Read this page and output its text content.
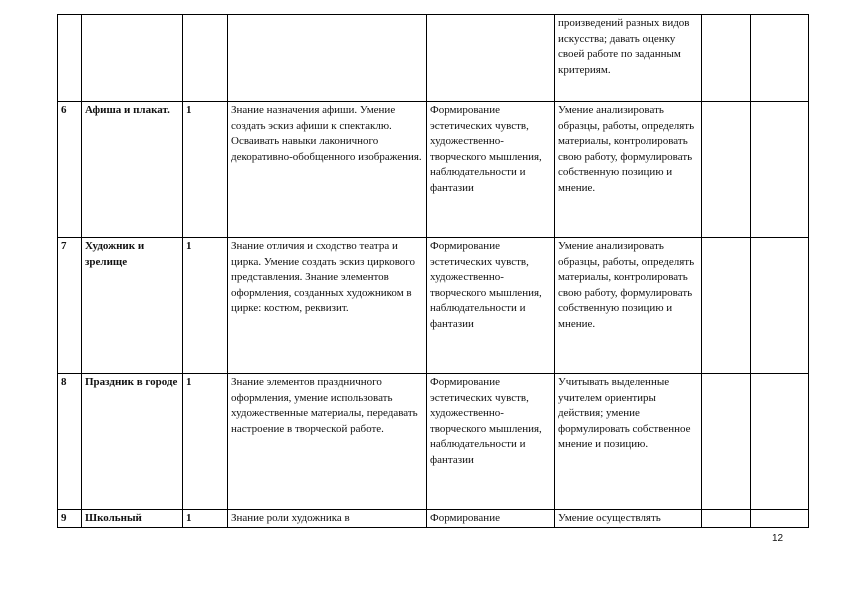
					произведений разных видов искусства; давать оценку своей работе по заданным критериям.		
6	Афиша и плакат.	1	Знание назначения афиши. Умение создать эскиз афиши к спектаклю. Осваивать навыки лаконичного декоративно-обобщенного изображения.	Формирование эстетических чувств, художественно-творческого мышления, наблюдательности и фантазии	Умение анализировать образцы, работы, определять материалы, контролировать свою работу, формулировать собственную позицию и мнение.		
7	Художник и зрелище	1	Знание отличия и сходство театра и цирка. Умение создать эскиз циркового представления. Знание элементов оформления, созданных художником в цирке: костюм, реквизит.	Формирование эстетических чувств, художественно-творческого мышления, наблюдательности и фантазии	Умение анализировать образцы, работы, определять материалы, контролировать свою работу, формулировать собственную позицию и мнение.		
8	Праздник в городе	1	Знание элементов праздничного оформления, умение использовать художественные материалы, передавать настроение в творческой работе.	Формирование эстетических чувств, художественно-творческого мышления, наблюдательности и фантазии	Учитывать выделенные учителем ориентиры действия; умение формулировать собственное мнение и позицию.		
9	Школьный	1	Знание роли художника в	Формирование	Умение осуществлять		
12
